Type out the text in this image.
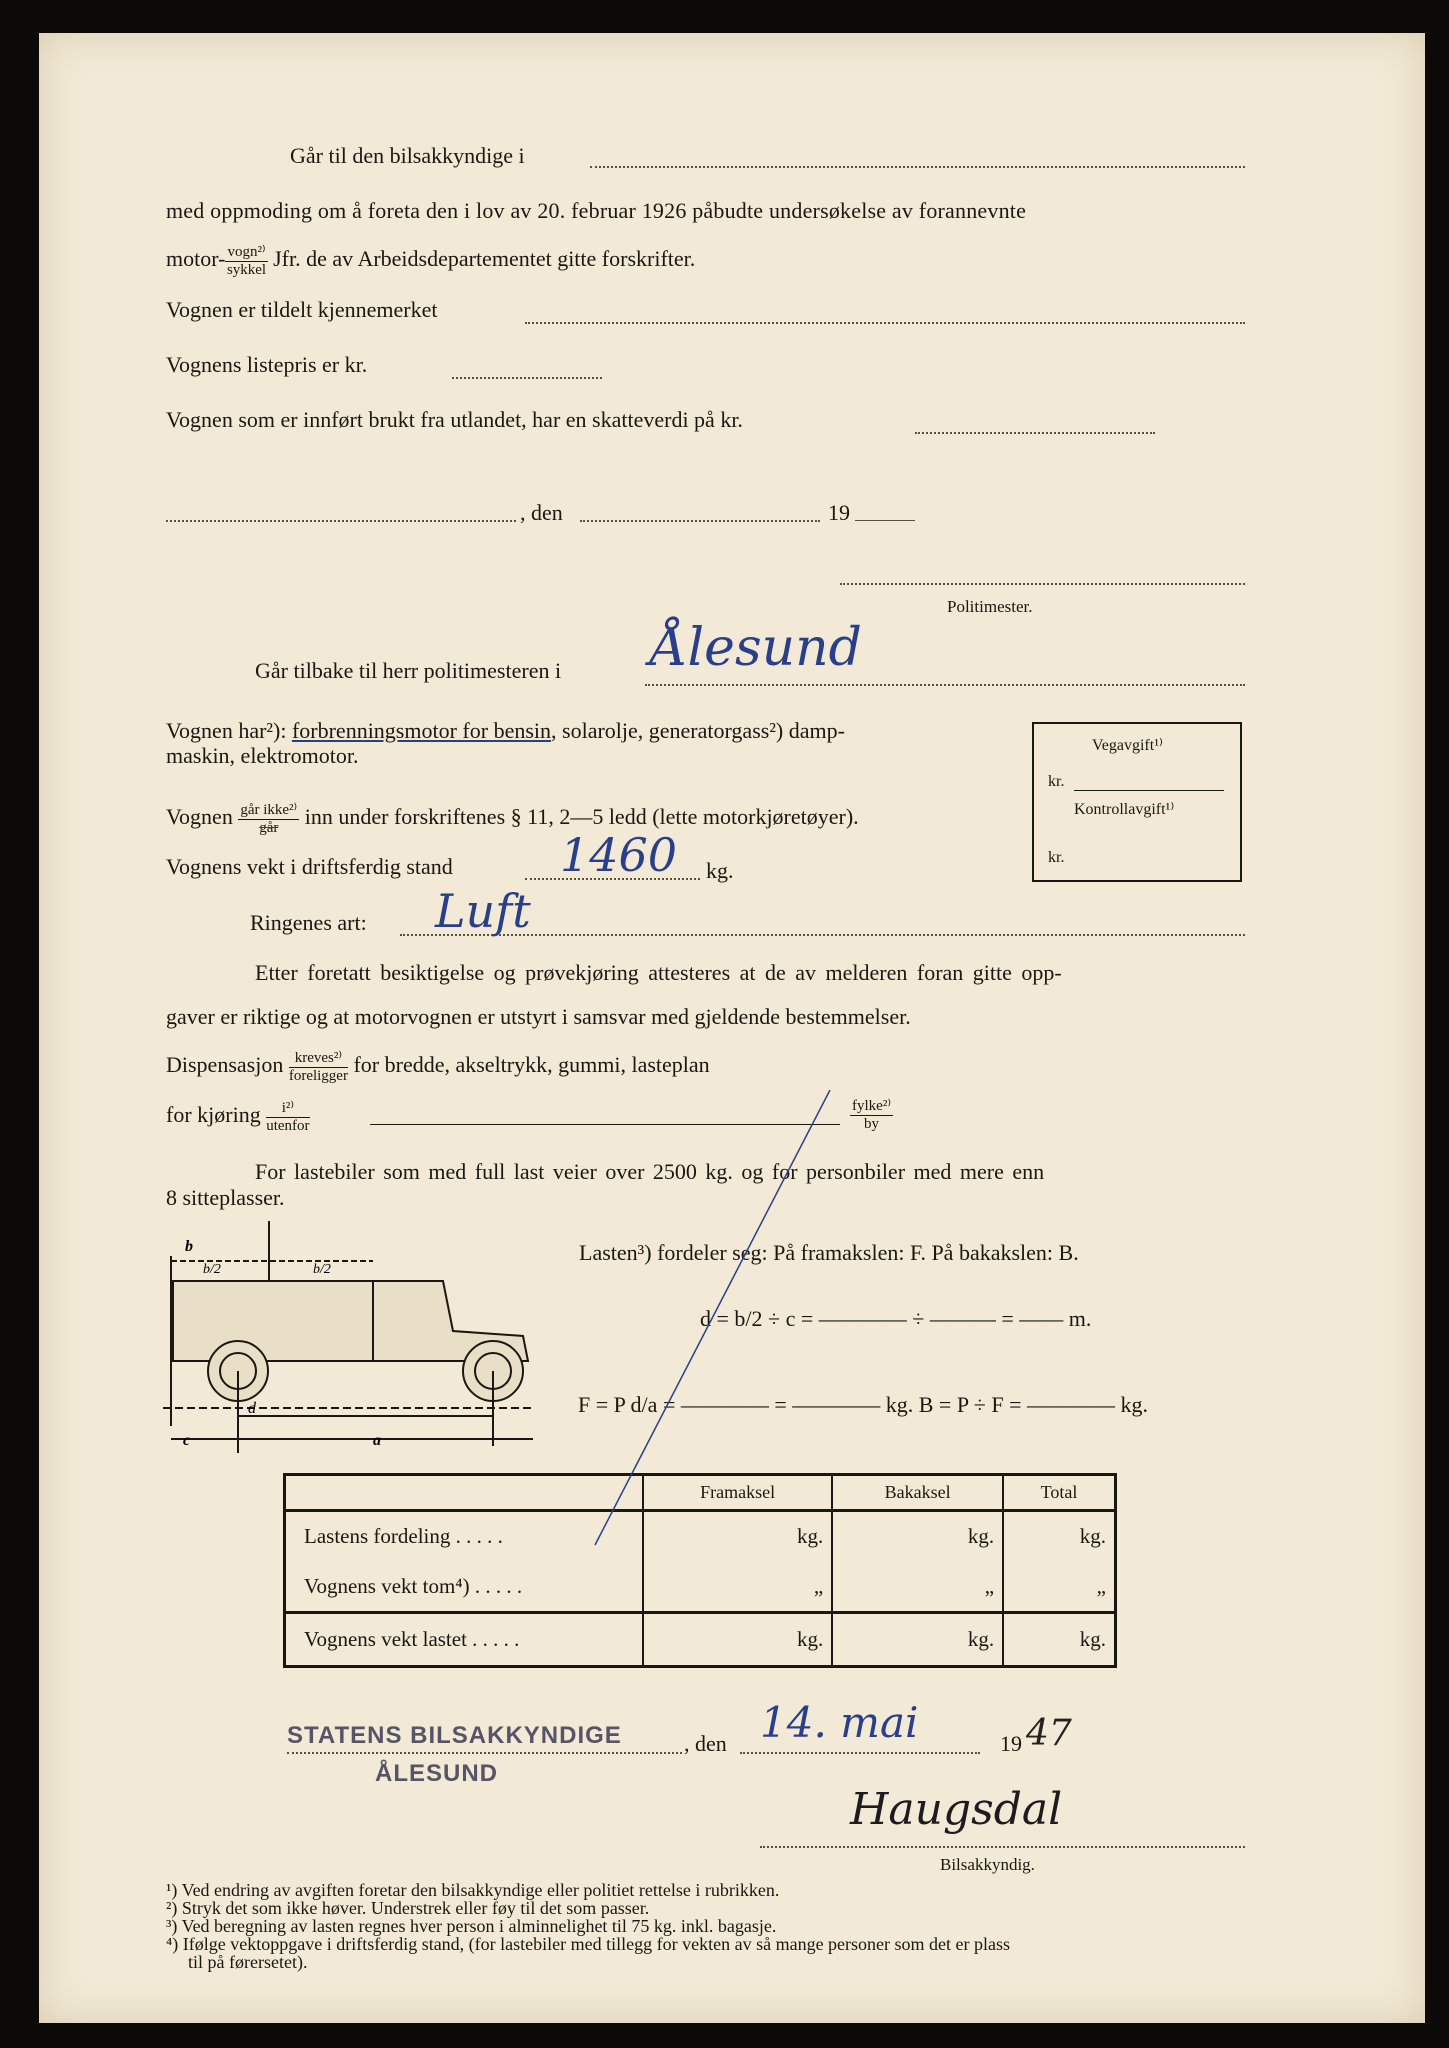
Går til den bilsakkyndige i
med oppmoding om å foreta den i lov av 20. februar 1926 påbudte undersøkelse av forannevnte
motor- $\frac{\text{vogn²⁾}}{\text{sykkel}}$ Jfr. de av Arbeidsdepartementet gitte forskrifter.
Vognen er tildelt kjennemerket
Vognens listepris er kr.
Vognen som er innført brukt fra utlandet, har en skatteverdi på kr.
, den	19
Politimester.
Går tilbake til herr politimesteren i Ålesund
Vognen har²): forbrenningsmotor for bensin, solarolje, generatorgass²) damp-
maskin, elektromotor.	Vegavgift¹⁾
kr.
Kontrollavgift¹⁾
kr.
Vognen $\frac{\text{går ikke²⁾}}{\text{går}}$ inn under forskriftenes § 11, 2—5 ledd (lette motorkjøretøyer).
Vognens vekt i driftsferdig stand 1460 kg.
Ringenes art: Luft
Etter foretatt besiktigelse og prøvekjøring attesteres at de av melderen foran gitte opp-
gaver er riktige og at motorvognen er utstyrt i samsvar med gjeldende bestemmelser.
Dispensasjon $\frac{\text{kreves²⁾}}{\text{foreligger}}$ for bredde, akseltrykk, gummi, lasteplan
for kjøring $\frac{\text{i²⁾}}{\text{utenfor}}$	$\frac{\text{fylke²⁾}}{by}$
For lastebiler som med full last veier over 2500 kg. og for personbiler med mere enn
8 sitteplasser.
b
b/2	b/2
d
c	a
Lasten³) fordeler seg: På framakslen: F. På bakakslen: B.
d = b/2 ÷ c = ———— ÷ ——— = —— m.
F = P d/a = ———— = ———— kg. B = P ÷ F = ———— kg.
	Framaksel	Bakaksel	Total
Lastens fordeling . . . . .	kg.	kg.	kg.
Vognens vekt tom⁴) . . . . .	„	„	„
Vognens vekt lastet . . . . .	kg.	kg.	kg.
STATENS BILSAKKYNDIGE
ÅLESUND
, den 14. mai	19 47
Haugsdal
Bilsakkyndig.
¹) Ved endring av avgiften foretar den bilsakkyndige eller politiet rettelse i rubrikken.
²) Stryk det som ikke høver. Understrek eller føy til det som passer.
³) Ved beregning av lasten regnes hver person i alminnelighet til 75 kg. inkl. bagasje.
⁴) Ifølge vektoppgave i driftsferdig stand, (for lastebiler med tillegg for vekten av så mange personer som det er plass
til på førersetet).
